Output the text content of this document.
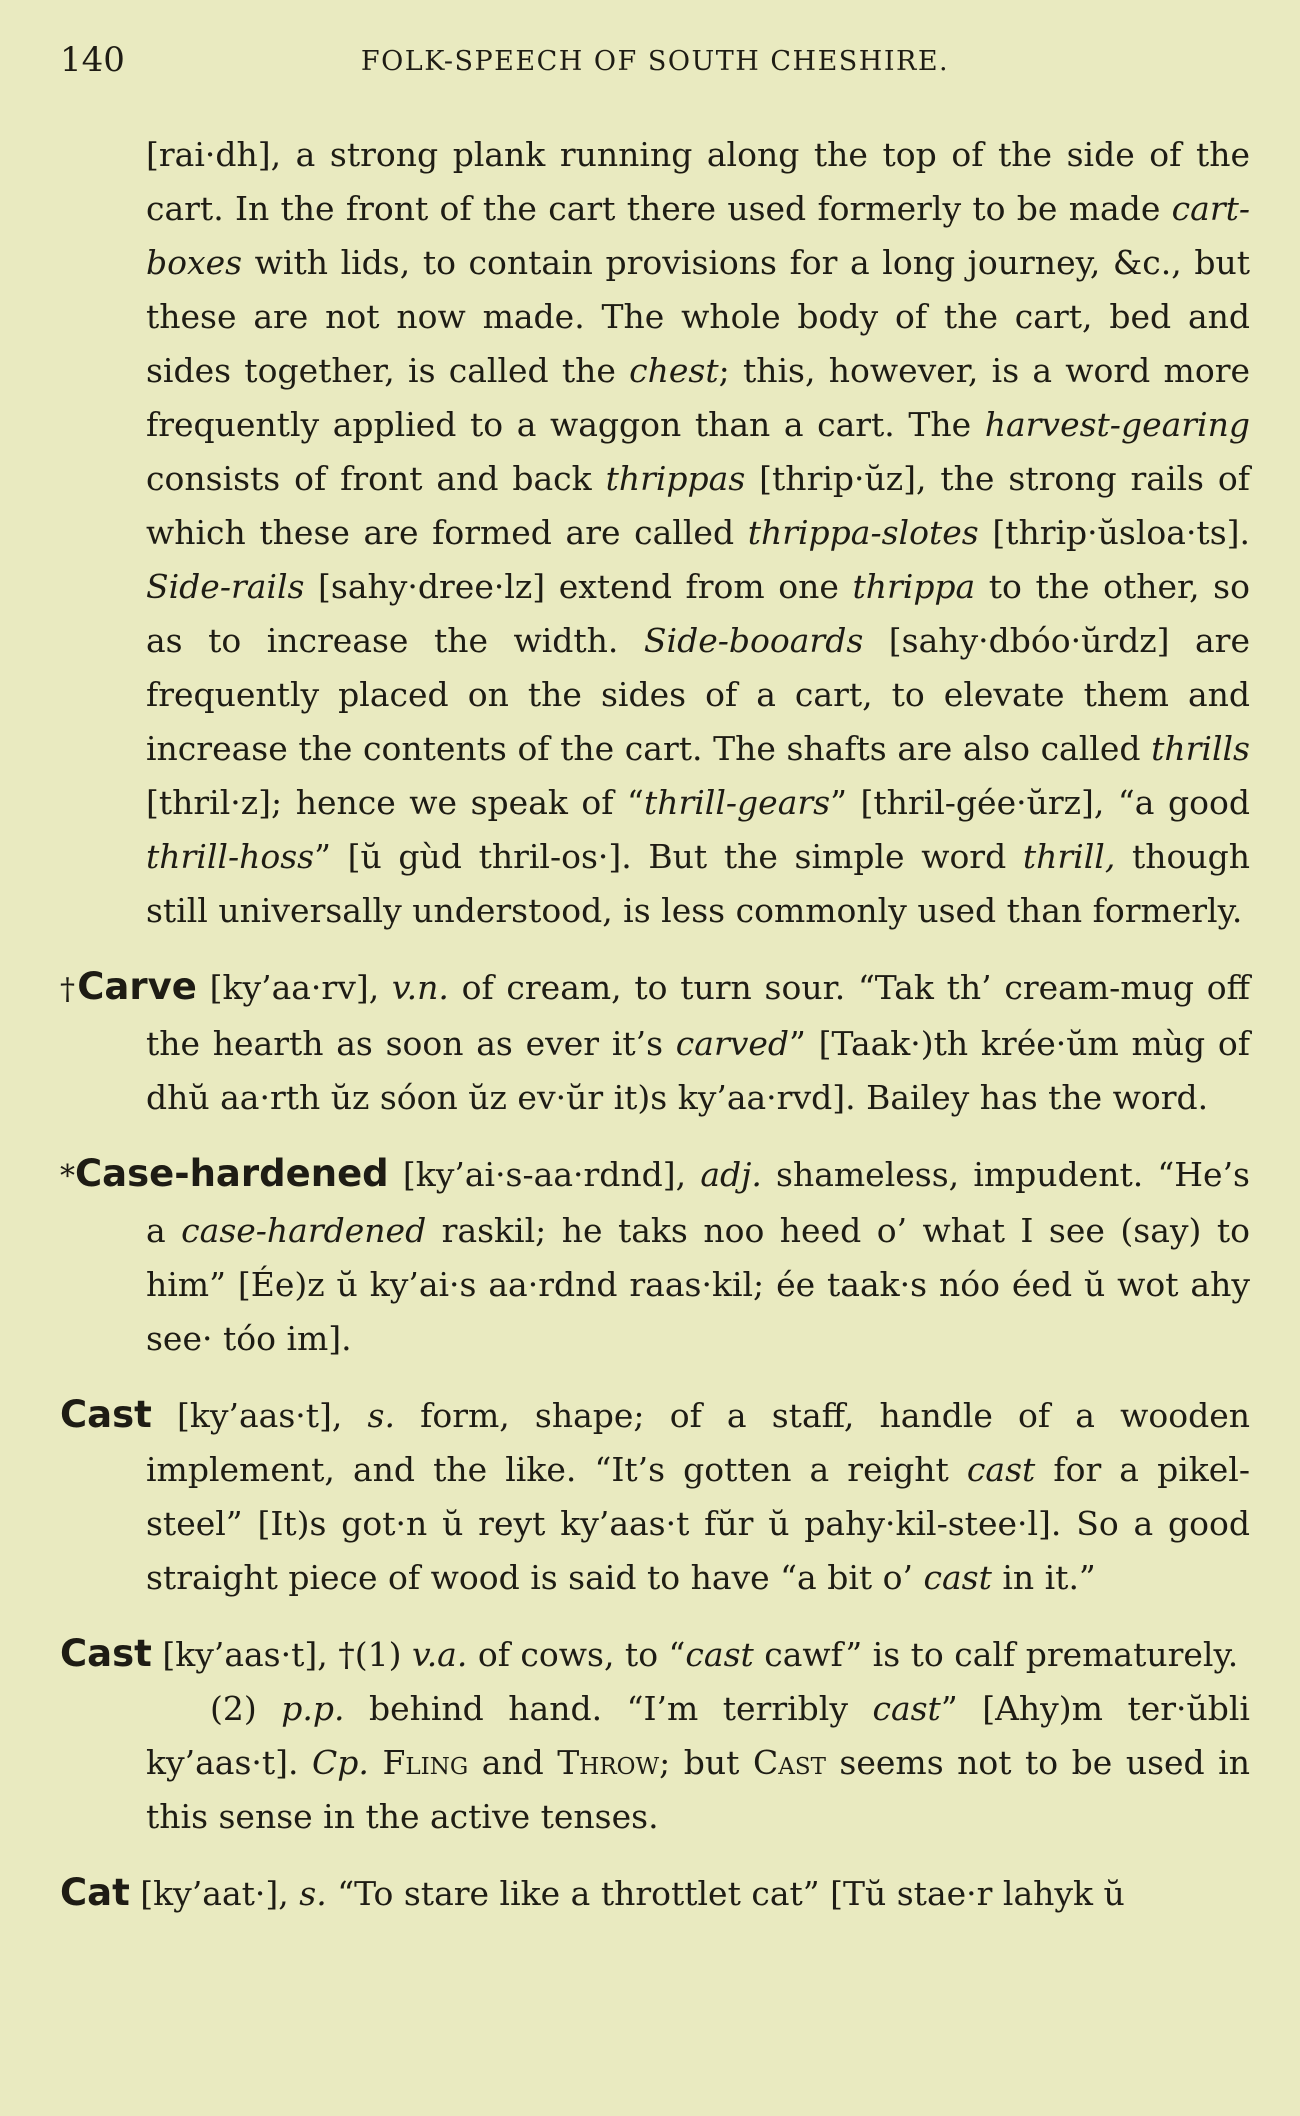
140	FOLK-SPEECH OF SOUTH CHESHIRE.

[rai·dh], a strong plank running along the top of the side of the cart. In the front of the cart there used formerly to be made cart-boxes with lids, to contain provisions for a long journey, &c., but these are not now made. The whole body of the cart, bed and sides together, is called the chest; this, however, is a word more frequently applied to a waggon than a cart. The harvest-gearing consists of front and back thrippas [thrip·ŭz], the strong rails of which these are formed are called thrippa-slotes [thrip·ŭsloa·ts]. Side-rails [sahy·dree·lz] extend from one thrippa to the other, so as to increase the width. Side-booards [sahy·dbóo·ŭrdz] are frequently placed on the sides of a cart, to elevate them and increase the contents of the cart. The shafts are also called thrills [thril·z]; hence we speak of “thrill-gears” [thril-gée·ŭrz], “a good thrill-hoss” [ŭ gùd thril-os·]. But the simple word thrill, though still universally understood, is less commonly used than formerly.

†Carve [ky’aa·rv], v.n. of cream, to turn sour. “Tak th’ cream-mug off the hearth as soon as ever it’s carved” [Taak·)th krée·ŭm mùg of dhŭ aa·rth ŭz sóon ŭz ev·ŭr it)s ky’aa·rvd]. Bailey has the word.

*Case-hardened [ky’ai·s-aa·rdnd], adj. shameless, impudent. “He’s a case-hardened raskil; he taks noo heed o’ what I see (say) to him” [Ée)z ŭ ky’ai·s aa·rdnd raas·kil; ée taak·s nóo éed ŭ wot ahy see· tóo im].

Cast [ky’aas·t], s. form, shape; of a staff, handle of a wooden implement, and the like. “It’s gotten a reight cast for a pikel-steel” [It)s got·n ŭ reyt ky’aas·t fŭr ŭ pahy·kil-stee·l]. So a good straight piece of wood is said to have “a bit o’ cast in it.”

Cast [ky’aas·t], †(1) v.a. of cows, to “cast cawf” is to calf prematurely.

(2) p.p. behind hand. “I’m terribly cast” [Ahy)m ter·ŭbli ky’aas·t]. Cp. Fling and Throw; but Cast seems not to be used in this sense in the active tenses.

Cat [ky’aat·], s. “To stare like a throttlet cat” [Tŭ stae·r lahyk ŭ
